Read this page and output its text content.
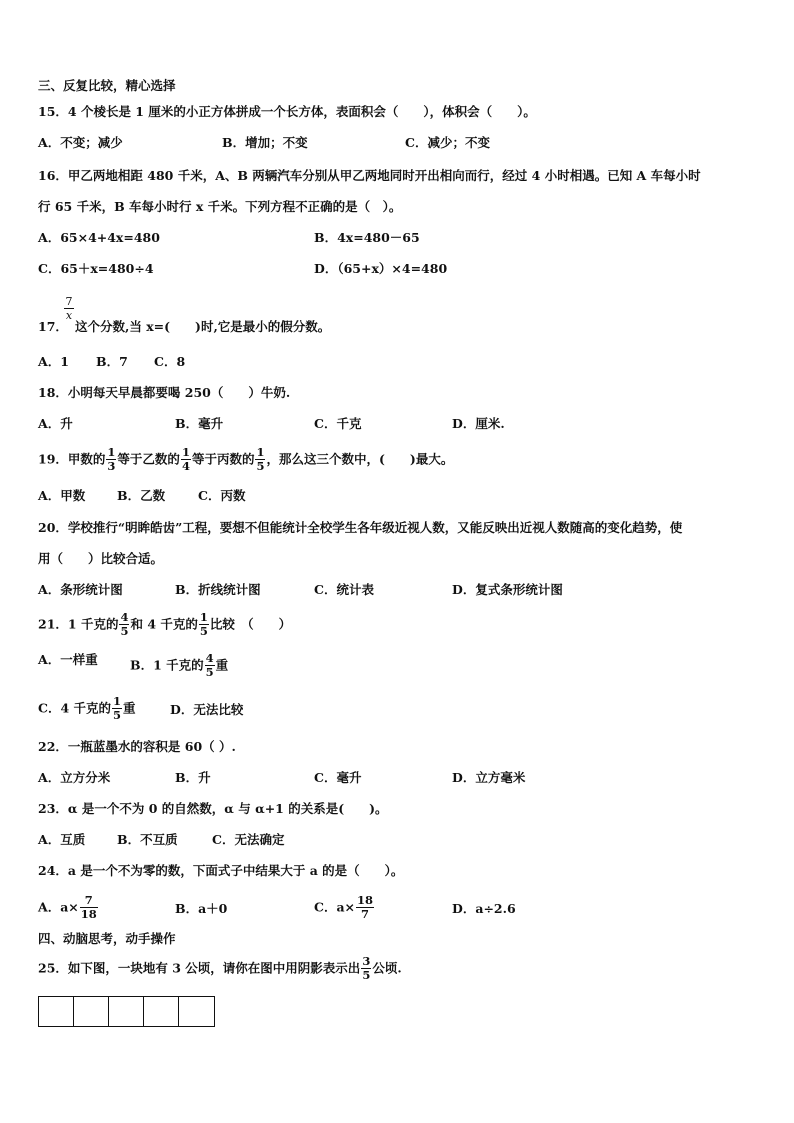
三、反复比较，精心选择
15．4 个棱长是 1 厘米的小正方体拼成一个长方体，表面积会（　　），体积会（　　）。
A．不变；减少	B．增加；不变	C．减少；不变
16．甲乙两地相距 480 千米，A、B 两辆汽车分别从甲乙两地同时开出相向而行，经过 4 小时相遇。已知 A 车每小时
行 65 千米，B 车每小时行 x 千米。下列方程不正确的是（　）。
A．65×4+4x=480	B．4x=480－65
C．65＋x=480÷4	D．（65+x）×4=480
$\frac{7}{x}$
17． 这个分数,当 x=(　　)时,它是最小的假分数。
A．1 B．7 C．8
18．小明每天早晨都要喝 250（　　）牛奶.
A．升	B．毫升	C．千克	D．厘米.
19．甲数的 $\frac{1}{3}$ 等于乙数的 $\frac{1}{4}$ 等于丙数的 $\frac{1}{5}$ ，那么这三个数中，(　　)最大。
A．甲数	B．乙数	C．丙数
20．学校推行“明眸皓齿”工程，要想不但能统计全校学生各年级近视人数，又能反映出近视人数随高的变化趋势，使
用（　　）比较合适。
A．条形统计图	B．折线统计图	C．统计表	D．复式条形统计图
21．1 千克的 $\frac{4}{5}$ 和 4 千克的 $\frac{1}{5}$ 比较　（　　）
A．一样重	B．1 千克的 $\frac{4}{5}$ 重
C．4 千克的 $\frac{1}{5}$ 重	D．无法比较
22．一瓶蓝墨水的容积是 60（ ）.
A．立方分米	B．升	C．毫升	D．立方毫米
23．α 是一个不为 0 的自然数，α 与 α+1 的关系是(　　)。
A．互质	B．不互质	C．无法确定
24．a 是一个不为零的数，下面式子中结果大于 a 的是（　　）。
A．$a\times \frac{7}{18}$	B．a＋0	C．$a\times \frac{18}{7}$	D．a÷2.6
四、动脑思考，动手操作
25．如下图，一块地有 3 公顷，请你在图中用阴影表示出 $\frac{3}{5}$ 公顷.
